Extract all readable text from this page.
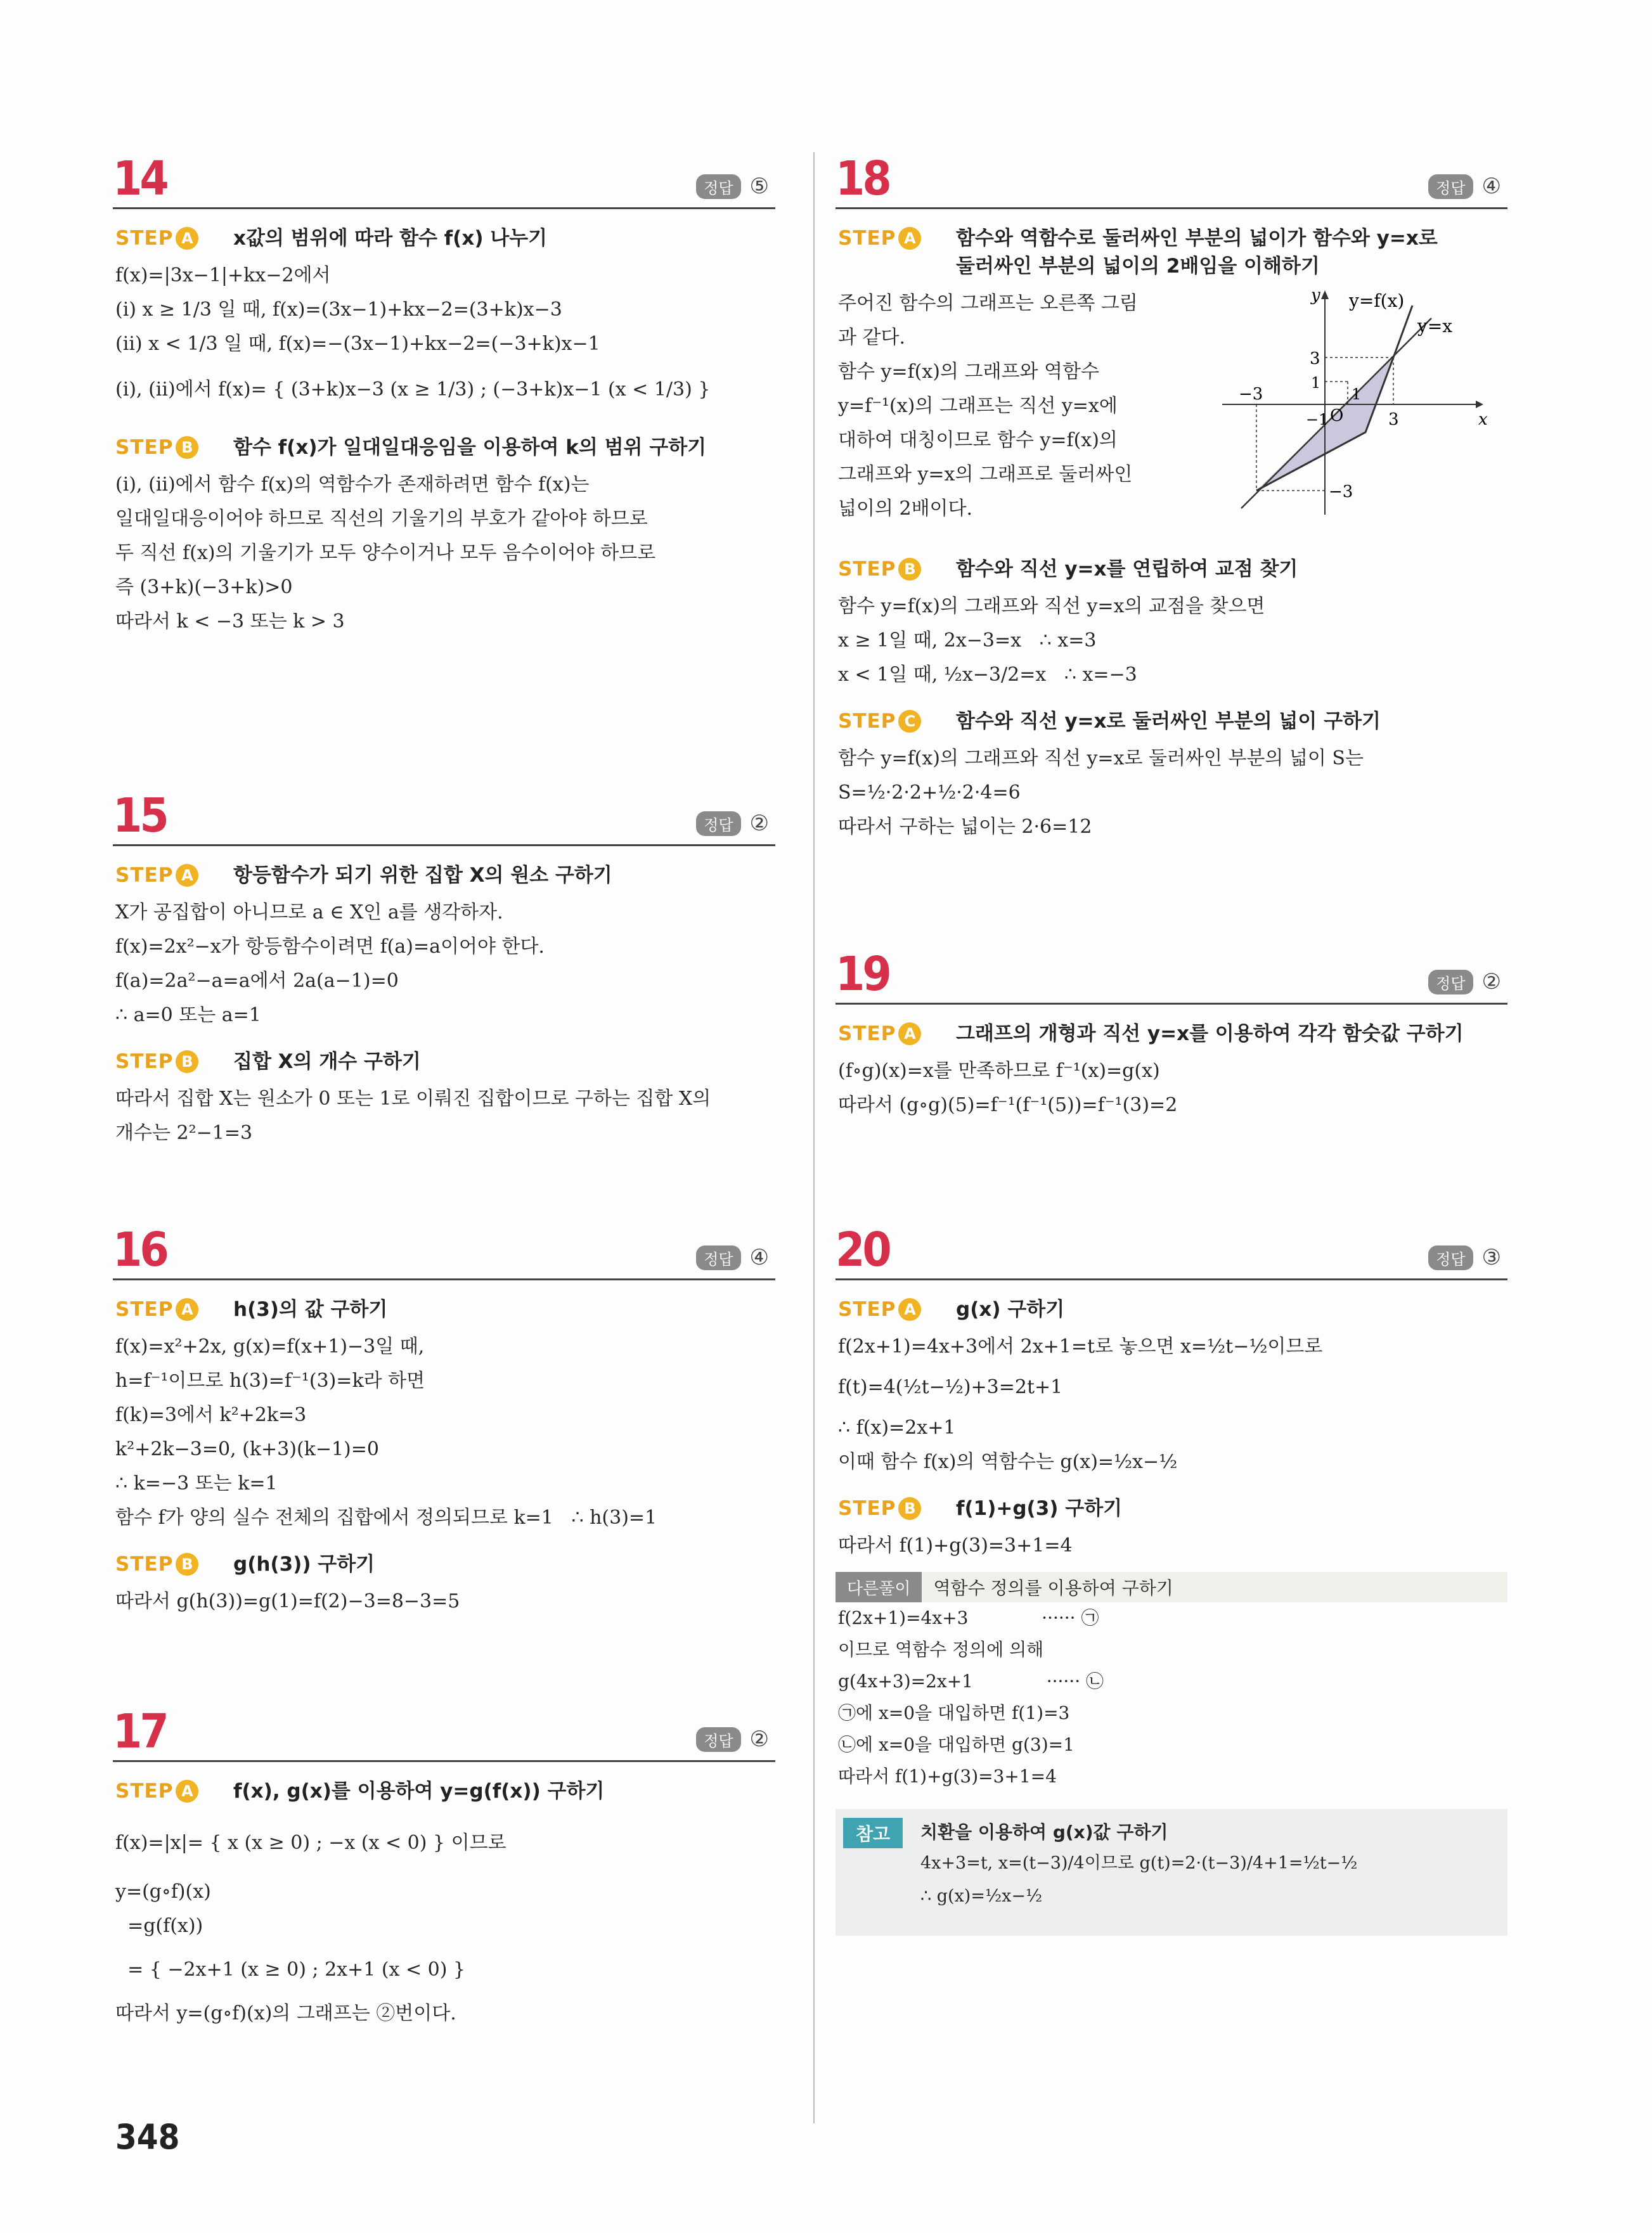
14	정답 ⑤
STEP A x값의 범위에 따라 함수 f(x) 나누기
f(x)=|3x−1|+kx−2에서
(ⅰ) x ≥ 1/3 일 때, f(x)=(3x−1)+kx−2=(3+k)x−3
(ⅱ) x < 1/3 일 때, f(x)=−(3x−1)+kx−2=(−3+k)x−1
(ⅰ), (ⅱ)에서 f(x)= { (3+k)x−3 (x ≥ 1/3) ; (−3+k)x−1 (x < 1/3) }
STEP B 함수 f(x)가 일대일대응임을 이용하여 k의 범위 구하기
(ⅰ), (ⅱ)에서 함수 f(x)의 역함수가 존재하려면 함수 f(x)는
일대일대응이어야 하므로 직선의 기울기의 부호가 같아야 하므로
두 직선 f(x)의 기울기가 모두 양수이거나 모두 음수이어야 하므로
즉 (3+k)(−3+k)>0
따라서 k < −3 또는 k > 3
15	정답 ②
STEP A 항등함수가 되기 위한 집합 X의 원소 구하기
X가 공집합이 아니므로 a ∈ X인 a를 생각하자.
f(x)=2x²−x가 항등함수이려면 f(a)=a이어야 한다.
f(a)=2a²−a=a에서 2a(a−1)=0
∴ a=0 또는 a=1
STEP B 집합 X의 개수 구하기
따라서 집합 X는 원소가 0 또는 1로 이뤄진 집합이므로 구하는 집합 X의
개수는 2²−1=3
16	정답 ④
STEP A h(3)의 값 구하기
f(x)=x²+2x, g(x)=f(x+1)−3일 때,
h=f⁻¹이므로 h(3)=f⁻¹(3)=k라 하면
f(k)=3에서 k²+2k=3
k²+2k−3=0, (k+3)(k−1)=0
∴ k=−3 또는 k=1
함수 f가 양의 실수 전체의 집합에서 정의되므로 k=1   ∴ h(3)=1
STEP B g(h(3)) 구하기
따라서 g(h(3))=g(1)=f(2)−3=8−3=5
17	정답 ②
STEP A f(x), g(x)를 이용하여 y=g(f(x)) 구하기
f(x)=|x|= { x (x ≥ 0) ; −x (x < 0) } 이므로
y=(g∘f)(x)
=g(f(x))
= { −2x+1 (x ≥ 0) ; 2x+1 (x < 0) }
따라서 y=(g∘f)(x)의 그래프는 ②번이다.
18	정답 ④
STEP A 함수와 역함수로 둘러싸인 부분의 넓이가 함수와 y=x로
둘러싸인 부분의 넓이의 2배임을 이해하기
주어진 함수의 그래프는 오른쪽 그림
과 같다.
함수 y=f(x)의 그래프와 역함수
y=f⁻¹(x)의 그래프는 직선 y=x에
대하여 대칭이므로 함수 y=f(x)의
그래프와 y=x의 그래프로 둘러싸인
넓이의 2배이다.
y y=f(x)
y=x
x
O
3
1
−3	1
−1	3
−3
STEP B 함수와 직선 y=x를 연립하여 교점 찾기
함수 y=f(x)의 그래프와 직선 y=x의 교점을 찾으면
x ≥ 1일 때, 2x−3=x   ∴ x=3
x < 1일 때, ½x−3/2=x   ∴ x=−3
STEP C 함수와 직선 y=x로 둘러싸인 부분의 넓이 구하기
함수 y=f(x)의 그래프와 직선 y=x로 둘러싸인 부분의 넓이 S는
S=½·2·2+½·2·4=6
따라서 구하는 넓이는 2·6=12
19	정답 ②
STEP A 그래프의 개형과 직선 y=x를 이용하여 각각 함숫값 구하기
(f∘g)(x)=x를 만족하므로 f⁻¹(x)=g(x)
따라서 (g∘g)(5)=f⁻¹(f⁻¹(5))=f⁻¹(3)=2
20	정답 ③
STEP A g(x) 구하기
f(2x+1)=4x+3에서 2x+1=t로 놓으면 x=½t−½이므로
f(t)=4(½t−½)+3=2t+1
∴ f(x)=2x+1
이때 함수 f(x)의 역함수는 g(x)=½x−½
STEP B f(1)+g(3) 구하기
따라서 f(1)+g(3)=3+1=4
다른풀이	역함수 정의를 이용하여 구하기
f(2x+1)=4x+3             ······ ㉠
이므로 역함수 정의에 의해
g(4x+3)=2x+1             ······ ㉡
㉠에 x=0을 대입하면 f(1)=3
㉡에 x=0을 대입하면 g(3)=1
따라서 f(1)+g(3)=3+1=4
참고	치환을 이용하여 g(x)값 구하기
4x+3=t, x=(t−3)/4이므로 g(t)=2·(t−3)/4+1=½t−½
∴ g(x)=½x−½
348
